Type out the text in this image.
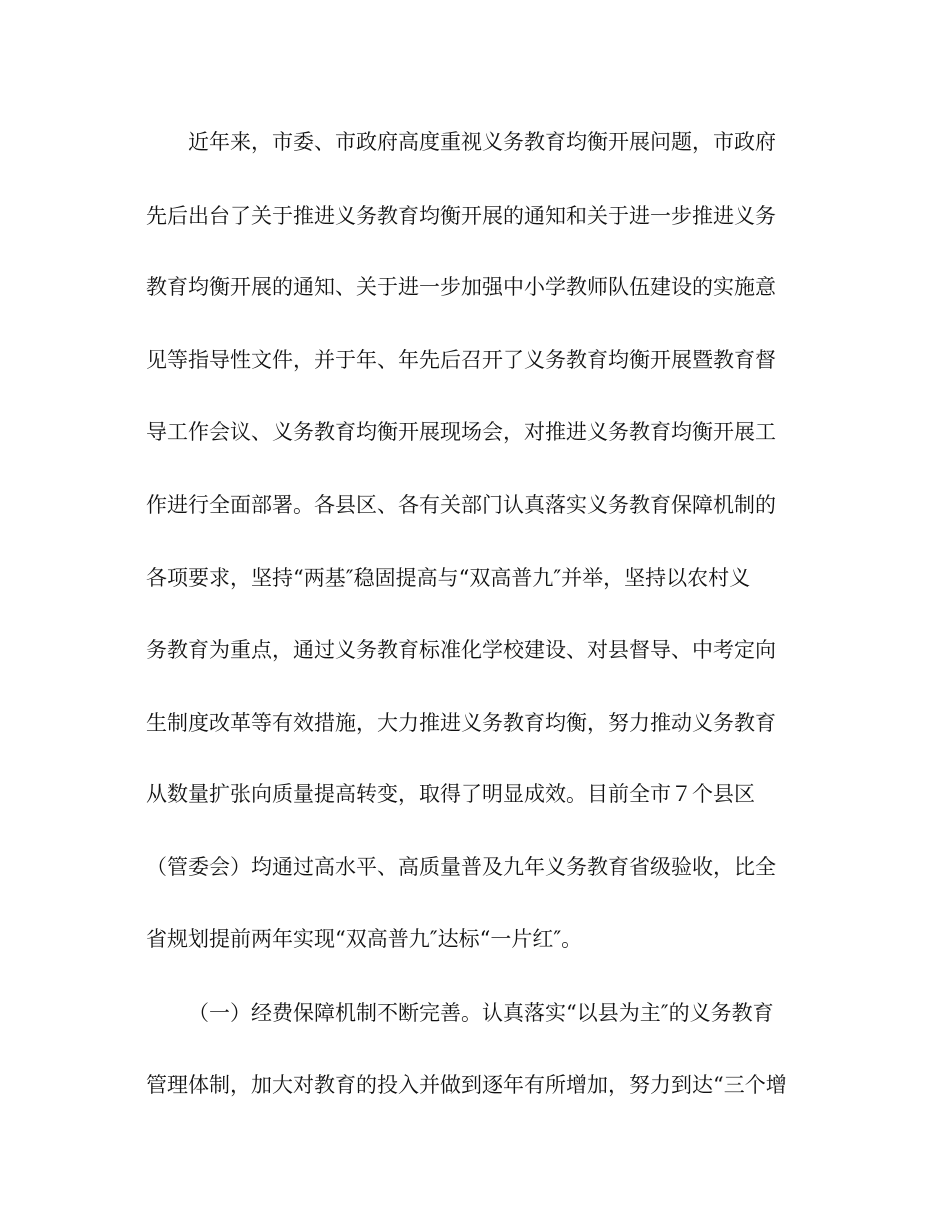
近年来，市委、市政府高度重视义务教育均衡开展问题，市政府
先后出台了关于推进义务教育均衡开展的通知和关于进一步推进义务
教育均衡开展的通知、关于进一步加强中小学教师队伍建设的实施意
见等指导性文件，并于年、年先后召开了义务教育均衡开展暨教育督
导工作会议、义务教育均衡开展现场会，对推进义务教育均衡开展工
作进行全面部署。各县区、各有关部门认真落实义务教育保障机制的
各项要求，坚持“两基″稳固提高与“双高普九″并举，坚持以农村义
务教育为重点，通过义务教育标准化学校建设、对县督导、中考定向
生制度改革等有效措施，大力推进义务教育均衡，努力推动义务教育
从数量扩张向质量提高转变，取得了明显成效。目前全市７个县区
（管委会）均通过高水平、高质量普及九年义务教育省级验收，比全
省规划提前两年实现“双高普九″达标“一片红″。
（一）经费保障机制不断完善。认真落实“以县为主″的义务教育
管理体制，加大对教育的投入并做到逐年有所增加，努力到达“三个增
